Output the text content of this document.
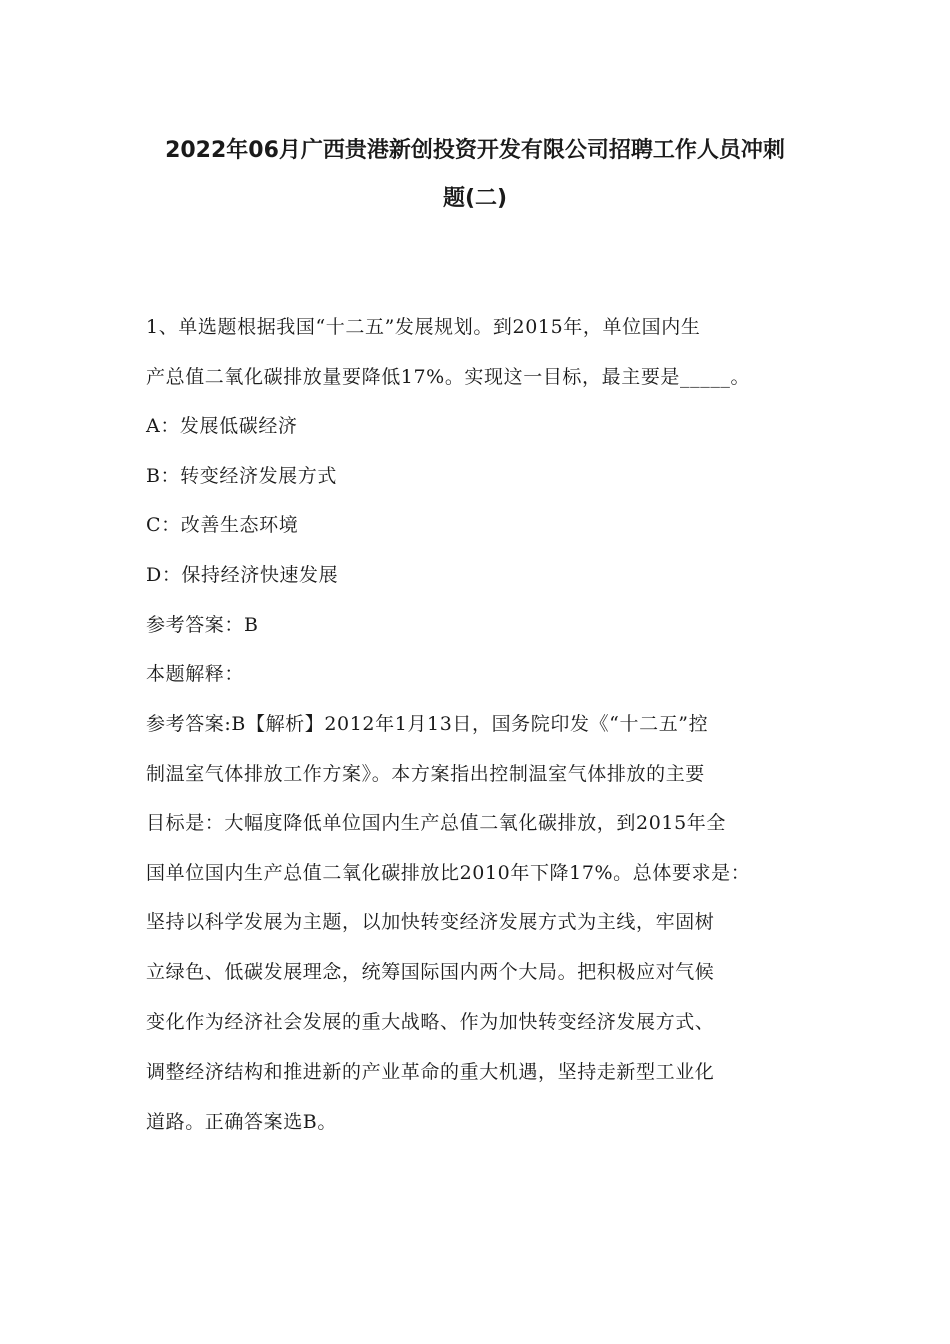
2022年06月广西贵港新创投资开发有限公司招聘工作人员冲刺
题(二)
1、单选题根据我国“十二五”发展规划。到2015年，单位国内生
产总值二氧化碳排放量要降低17%。实现这一目标，最主要是_____。
A：发展低碳经济
B：转变经济发展方式
C：改善生态环境
D：保持经济快速发展
参考答案：B
本题解释：
参考答案:B【解析】2012年1月13日，国务院印发《“十二五”控
制温室气体排放工作方案》。本方案指出控制温室气体排放的主要
目标是：大幅度降低单位国内生产总值二氧化碳排放，到2015年全
国单位国内生产总值二氧化碳排放比2010年下降17%。总体要求是：
坚持以科学发展为主题，以加快转变经济发展方式为主线，牢固树
立绿色、低碳发展理念，统筹国际国内两个大局。把积极应对气候
变化作为经济社会发展的重大战略、作为加快转变经济发展方式、
调整经济结构和推进新的产业革命的重大机遇，坚持走新型工业化
道路。正确答案选B。
